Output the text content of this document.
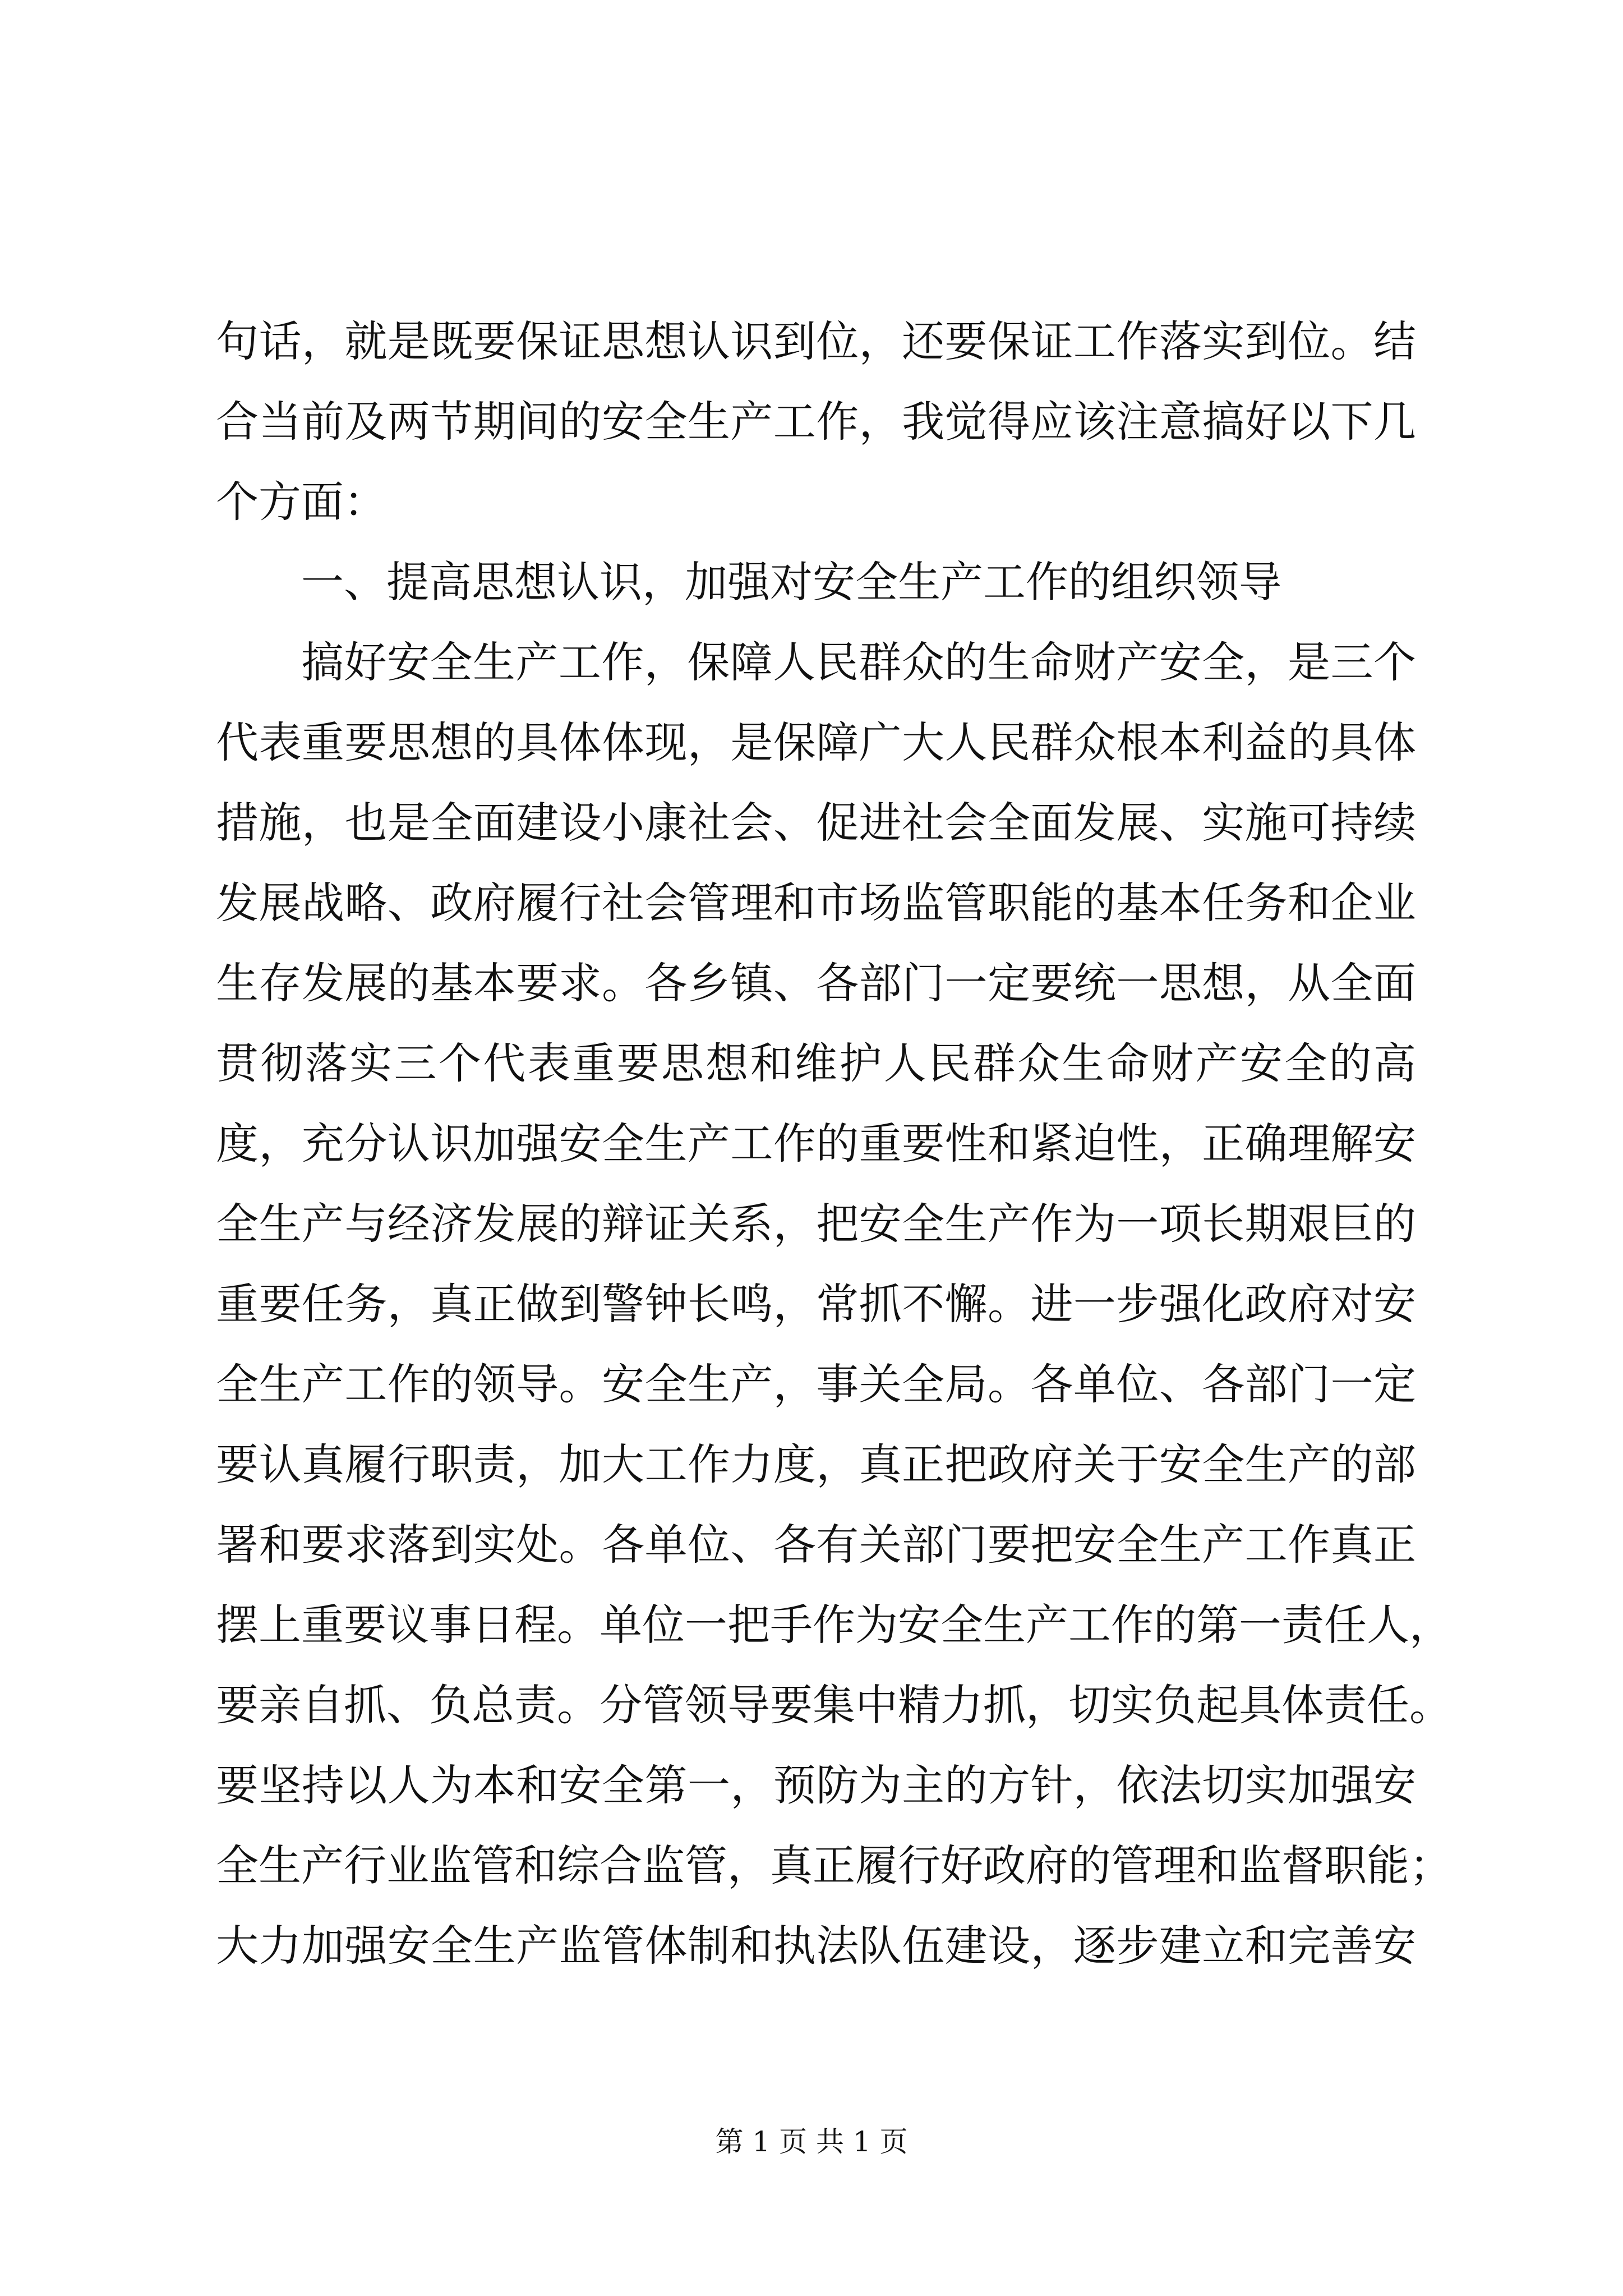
句话，就是既要保证思想认识到位，还要保证工作落实到位。结
合当前及两节期间的安全生产工作，我觉得应该注意搞好以下几
个方面：
一、提高思想认识，加强对安全生产工作的组织领导
搞好安全生产工作，保障人民群众的生命财产安全，是三个
代表重要思想的具体体现，是保障广大人民群众根本利益的具体
措施，也是全面建设小康社会、促进社会全面发展、实施可持续
发展战略、政府履行社会管理和市场监管职能的基本任务和企业
生存发展的基本要求。各乡镇、各部门一定要统一思想，从全面
贯彻落实三个代表重要思想和维护人民群众生命财产安全的高
度，充分认识加强安全生产工作的重要性和紧迫性，正确理解安
全生产与经济发展的辩证关系，把安全生产作为一项长期艰巨的
重要任务，真正做到警钟长鸣，常抓不懈。进一步强化政府对安
全生产工作的领导。安全生产，事关全局。各单位、各部门一定
要认真履行职责，加大工作力度，真正把政府关于安全生产的部
署和要求落到实处。各单位、各有关部门要把安全生产工作真正
摆上重要议事日程。单位一把手作为安全生产工作的第一责任人，
要亲自抓、负总责。分管领导要集中精力抓，切实负起具体责任。
要坚持以人为本和安全第一，预防为主的方针，依法切实加强安
全生产行业监管和综合监管，真正履行好政府的管理和监督职能；
大力加强安全生产监管体制和执法队伍建设，逐步建立和完善安
第 1 页 共 1 页
